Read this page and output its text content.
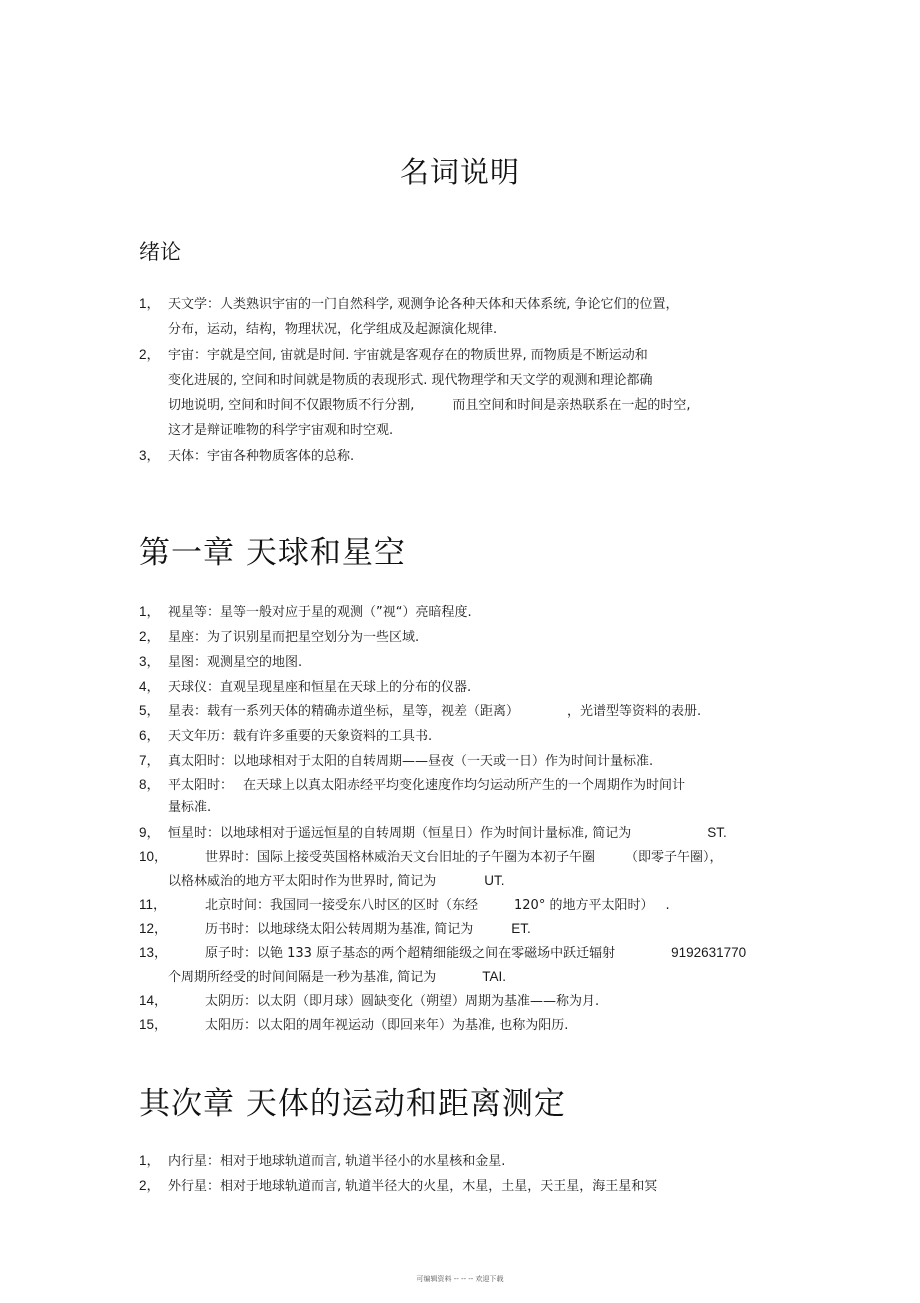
名词说明
绪论
1， 天文学：人类熟识宇宙的一门自然科学, 观测争论各种天体和天体系统, 争论它们的位置，
分布，运动，结构，物理状况，化学组成及起源演化规律.
2， 宇宙：宇就是空间, 宙就是时间. 宇宙就是客观存在的物质世界, 而物质是不断运动和
变化进展的, 空间和时间就是物质的表现形式. 现代物理学和天文学的观测和理论都确
切地说明, 空间和时间不仅跟物质不行分割,	而且空间和时间是亲热联系在一起的时空,
这才是辩证唯物的科学宇宙观和时空观.
3， 天体：宇宙各种物质客体的总称.
第一章 天球和星空
1， 视星等：星等一般对应于星的观测（”视“）亮暗程度.
2， 星座：为了识别星而把星空划分为一些区域.
3， 星图：观测星空的地图.
4， 天球仪：直观呈现星座和恒星在天球上的分布的仪器.
5， 星表：载有一系列天体的精确赤道坐标，星等，视差（距离）	，光谱型等资料的表册.
6， 天文年历：载有许多重要的天象资料的工具书.
7， 真太阳时：以地球相对于太阳的自转周期——昼夜（一天或一日）作为时间计量标准.
8， 平太阳时： 在天球上以真太阳赤经平均变化速度作均匀运动所产生的一个周期作为时间计
量标准.
9， 恒星时：以地球相对于遥远恒星的自转周期（恒星日）作为时间计量标准, 简记为	ST.
10，	世界时：国际上接受英国格林威治天文台旧址的子午圈为本初子午圈 （即零子午圈），
以格林威治的地方平太阳时作为世界时, 简记为	UT.
11，	北京时间：我国同一接受东八时区的区时（东经	120° 的地方平太阳时） .
12，	历书时：以地球绕太阳公转周期为基准, 简记为	ET.
13，	原子时：以铯 133 原子基态的两个超精细能级之间在零磁场中跃迁辐射	9192631770
个周期所经受的时间间隔是一秒为基准, 简记为	TAI.
14，	太阴历：以太阴（即月球）圆缺变化（朔望）周期为基准——称为月.
15，	太阳历：以太阳的周年视运动（即回来年）为基准, 也称为阳历.
其次章 天体的运动和距离测定
1， 内行星：相对于地球轨道而言, 轨道半径小的水星核和金星.
2， 外行星：相对于地球轨道而言, 轨道半径大的火星，木星，土星，天王星，海王星和冥
可编辑资料 -- -- -- 欢迎下载
